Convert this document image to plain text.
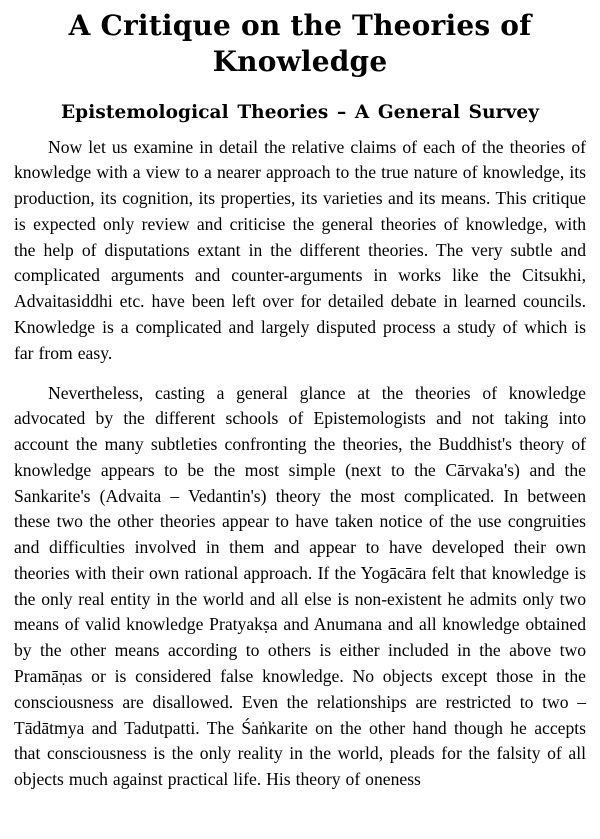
A Critique on the Theories of Knowledge
Epistemological Theories – A General Survey

Now let us examine in detail the relative claims of each of the theories of knowledge with a view to a nearer approach to the true nature of knowledge, its production, its cognition, its properties, its varieties and its means. This critique is expected only review and criticise the general theories of knowledge, with the help of disputations extant in the different theories. The very subtle and complicated arguments and counter-arguments in works like the Citsukhi, Advaitasiddhi etc. have been left over for detailed debate in learned councils. Knowledge is a complicated and largely disputed process a study of which is far from easy.

Nevertheless, casting a general glance at the theories of knowledge advocated by the different schools of Epistemologists and not taking into account the many subtleties confronting the theories, the Buddhist's theory of knowledge appears to be the most simple (next to the Cārvaka's) and the Sankarite's (Advaita – Vedantin's) theory the most complicated. In between these two the other theories appear to have taken notice of the use congruities and difficulties involved in them and appear to have developed their own theories with their own rational approach. If the Yogācāra felt that knowledge is the only real entity in the world and all else is non-existent he admits only two means of valid knowledge Pratyakṣa and Anumana and all knowledge obtained by the other means according to others is either included in the above two Pramāṇas or is considered false knowledge. No objects except those in the consciousness are disallowed. Even the relationships are restricted to two – Tādātmya and Tadutpatti. The Śaṅkarite on the other hand though he accepts that consciousness is the only reality in the world, pleads for the falsity of all objects much against practical life. His theory of oneness
